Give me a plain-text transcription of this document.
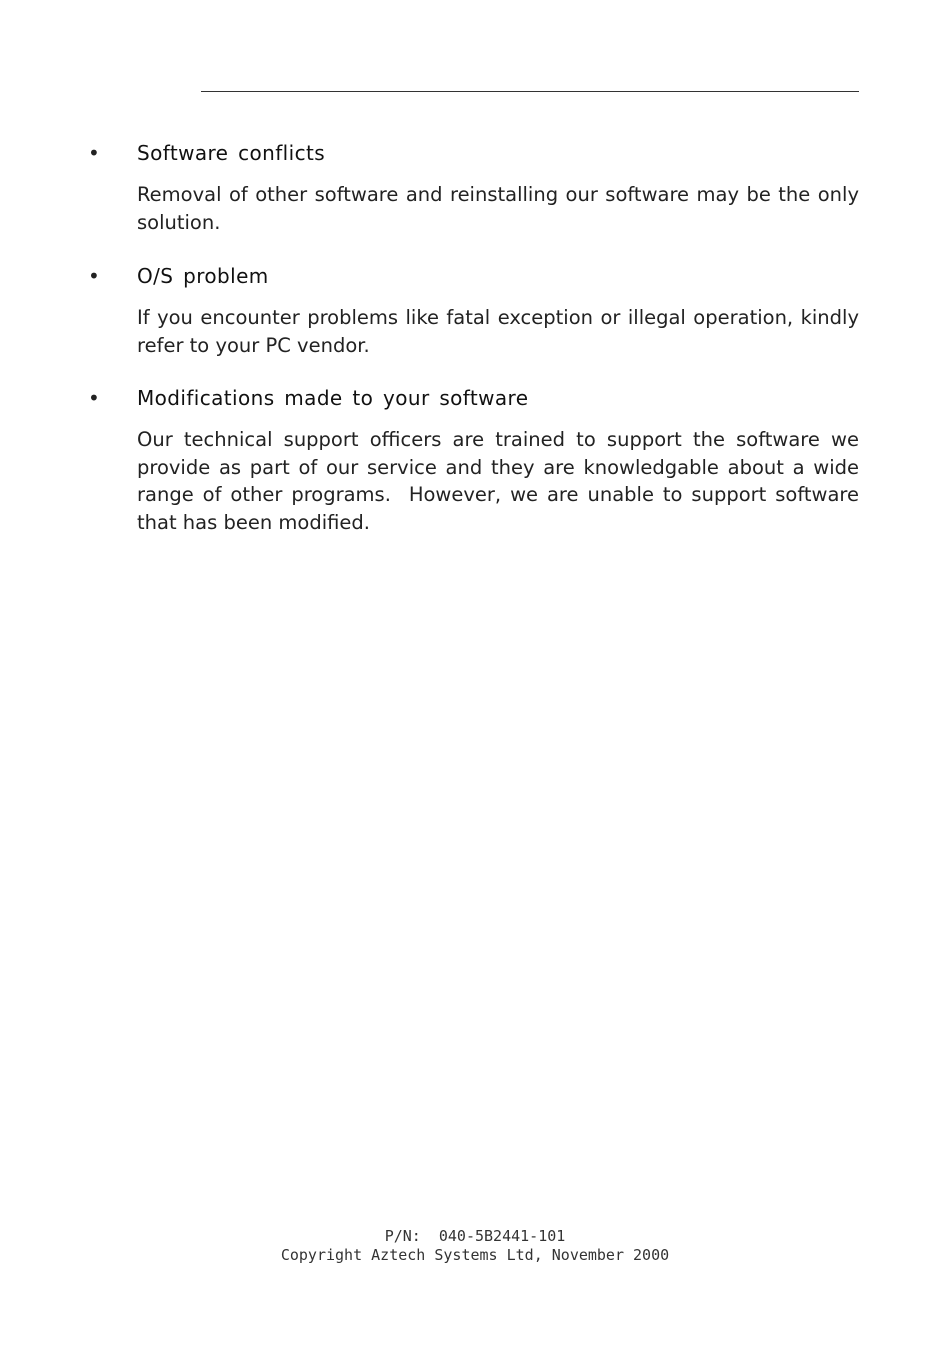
• Software conflicts
Removal of other software and reinstalling our software may be the only solution.
• O/S problem
If you encounter problems like fatal exception or illegal operation, kindly refer to your PC vendor.
• Modifications made to your software
Our technical support officers are trained to support the software we provide as part of our service and they are knowledgable about a wide range of other programs.  However, we are unable to support software that has been modified.
P/N:  040-5B2441-101
Copyright Aztech Systems Ltd, November 2000
